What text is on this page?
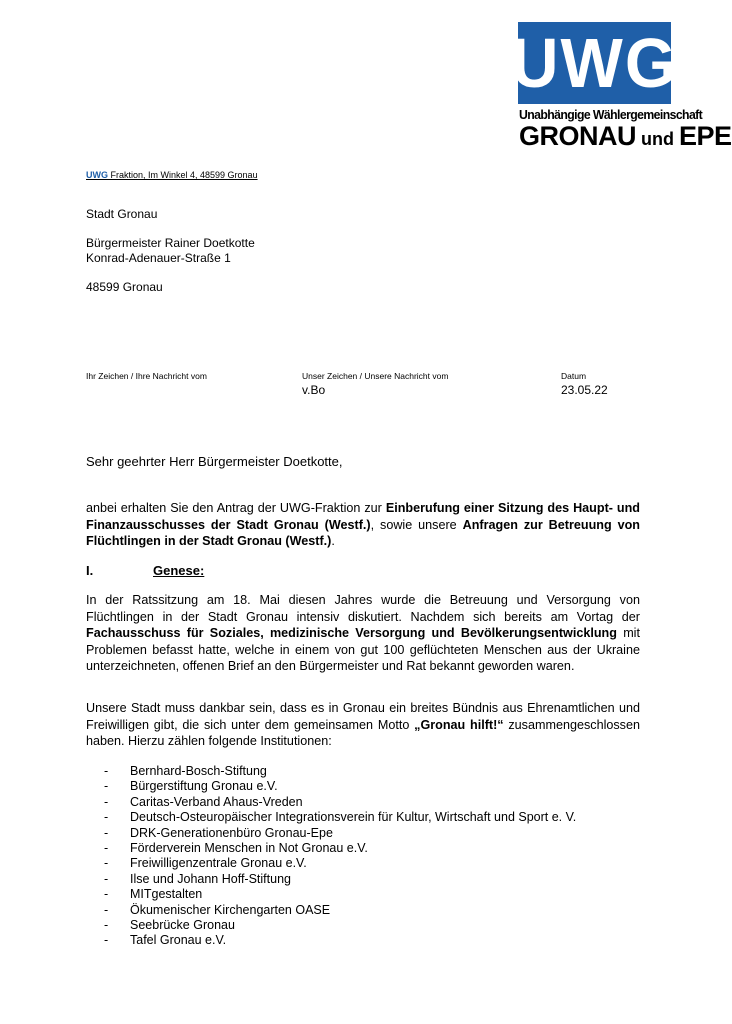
UWG
Unabhängige Wählergemeinschaft
GRONAU und EPE
UWG Fraktion, Im Winkel 4, 48599 Gronau
Stadt Gronau
Bürgermeister Rainer Doetkotte
Konrad-Adenauer-Straße 1
48599 Gronau
Ihr Zeichen / Ihre Nachricht vom	Unser Zeichen / Unsere Nachricht vom
v.Bo
Datum
23.05.22
Sehr geehrter Herr Bürgermeister Doetkotte,
anbei erhalten Sie den Antrag der UWG-Fraktion zur Einberufung einer Sitzung des Haupt- und Finanzausschusses der Stadt Gronau (Westf.), sowie unsere Anfragen zur Betreuung von Flüchtlingen in der Stadt Gronau (Westf.).
I.	Genese:
In der Ratssitzung am 18. Mai diesen Jahres wurde die Betreuung und Versorgung von Flüchtlingen in der Stadt Gronau intensiv diskutiert. Nachdem sich bereits am Vortag der Fachausschuss für Soziales, medizinische Versorgung und Bevölkerungsentwicklung mit Problemen befasst hatte, welche in einem von gut 100 geflüchteten Menschen aus der Ukraine unterzeichneten, offenen Brief an den Bürgermeister und Rat bekannt geworden waren.
Unsere Stadt muss dankbar sein, dass es in Gronau ein breites Bündnis aus Ehrenamtlichen und Freiwilligen gibt, die sich unter dem gemeinsamen Motto „Gronau hilft!“ zusammengeschlossen haben. Hierzu zählen folgende Institutionen:
- Bernhard-Bosch-Stiftung
- Bürgerstiftung Gronau e.V.
- Caritas-Verband Ahaus-Vreden
- Deutsch-Osteuropäischer Integrationsverein für Kultur, Wirtschaft und Sport e. V.
- DRK-Generationenbüro Gronau-Epe
- Förderverein Menschen in Not Gronau e.V.
- Freiwilligenzentrale Gronau e.V.
- Ilse und Johann Hoff-Stiftung
- MITgestalten
- Ökumenischer Kirchengarten OASE
- Seebrücke Gronau
- Tafel Gronau e.V.
